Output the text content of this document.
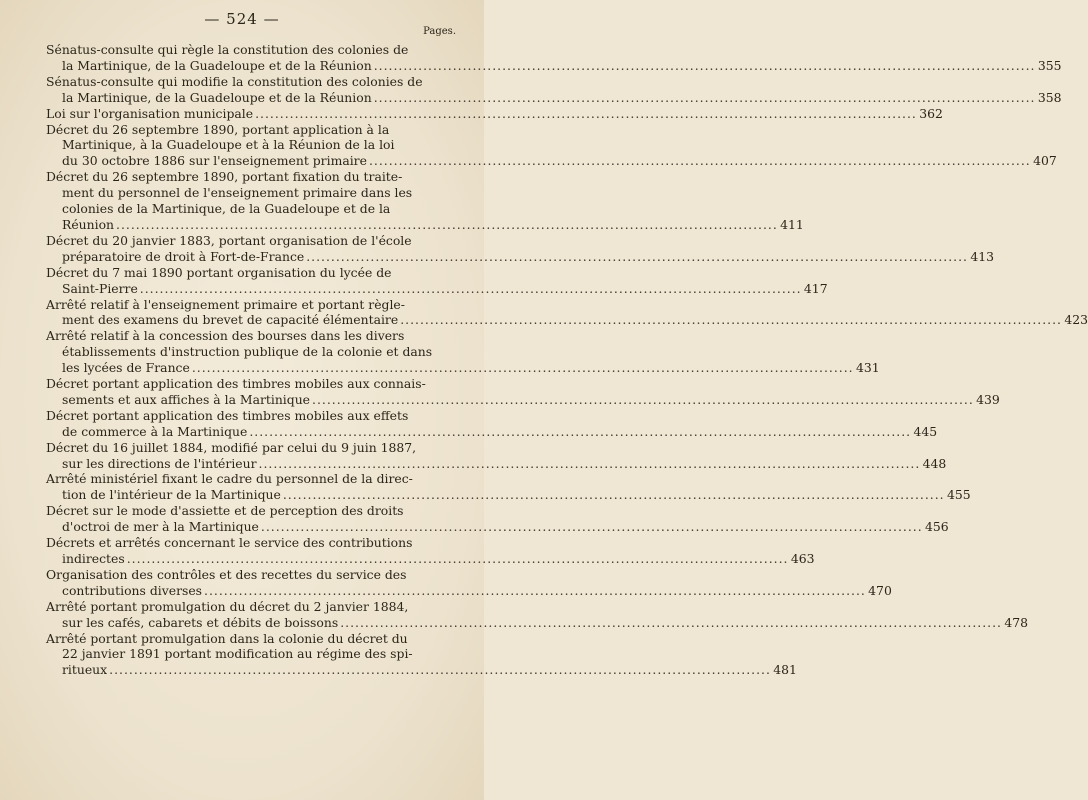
— 524 —
Pages.
Sénatus-consulte qui règle la constitution des colonies de
la Martinique, de la Guadeloupe et de la Réunion .....	355
Sénatus-consulte qui modifie la constitution des colonies de
la Martinique, de la Guadeloupe et de la Réunion .....	358
Loi sur l'organisation municipale .....	362
Décret du 26 septembre 1890, portant application à la
Martinique, à la Guadeloupe et à la Réunion de la loi
du 30 octobre 1886 sur l'enseignement primaire .....	407
Décret du 26 septembre 1890, portant fixation du traite-
ment du personnel de l'enseignement primaire dans les
colonies de la Martinique, de la Guadeloupe et de la
Réunion .....	411
Décret du 20 janvier 1883, portant organisation de l'école
préparatoire de droit à Fort-de-France .....	413
Décret du 7 mai 1890 portant organisation du lycée de
Saint-Pierre .....	417
Arrêté relatif à l'enseignement primaire et portant règle-
ment des examens du brevet de capacité élémentaire .....	423
Arrêté relatif à la concession des bourses dans les divers
établissements d'instruction publique de la colonie et dans
les lycées de France .....	431
Décret portant application des timbres mobiles aux connais-
sements et aux affiches à la Martinique .....	439
Décret portant application des timbres mobiles aux effets
de commerce à la Martinique .....	445
Décret du 16 juillet 1884, modifié par celui du 9 juin 1887,
sur les directions de l'intérieur .....	448
Arrêté ministériel fixant le cadre du personnel de la direc-
tion de l'intérieur de la Martinique .....	455
Décret sur le mode d'assiette et de perception des droits
d'octroi de mer à la Martinique .....	456
Décrets et arrêtés concernant le service des contributions
indirectes .....	463
Organisation des contrôles et des recettes du service des
contributions diverses .....	470
Arrêté portant promulgation du décret du 2 janvier 1884,
sur les cafés, cabarets et débits de boissons .....	478
Arrêté portant promulgation dans la colonie du décret du
22 janvier 1891 portant modification au régime des spi-
ritueux .....	481
